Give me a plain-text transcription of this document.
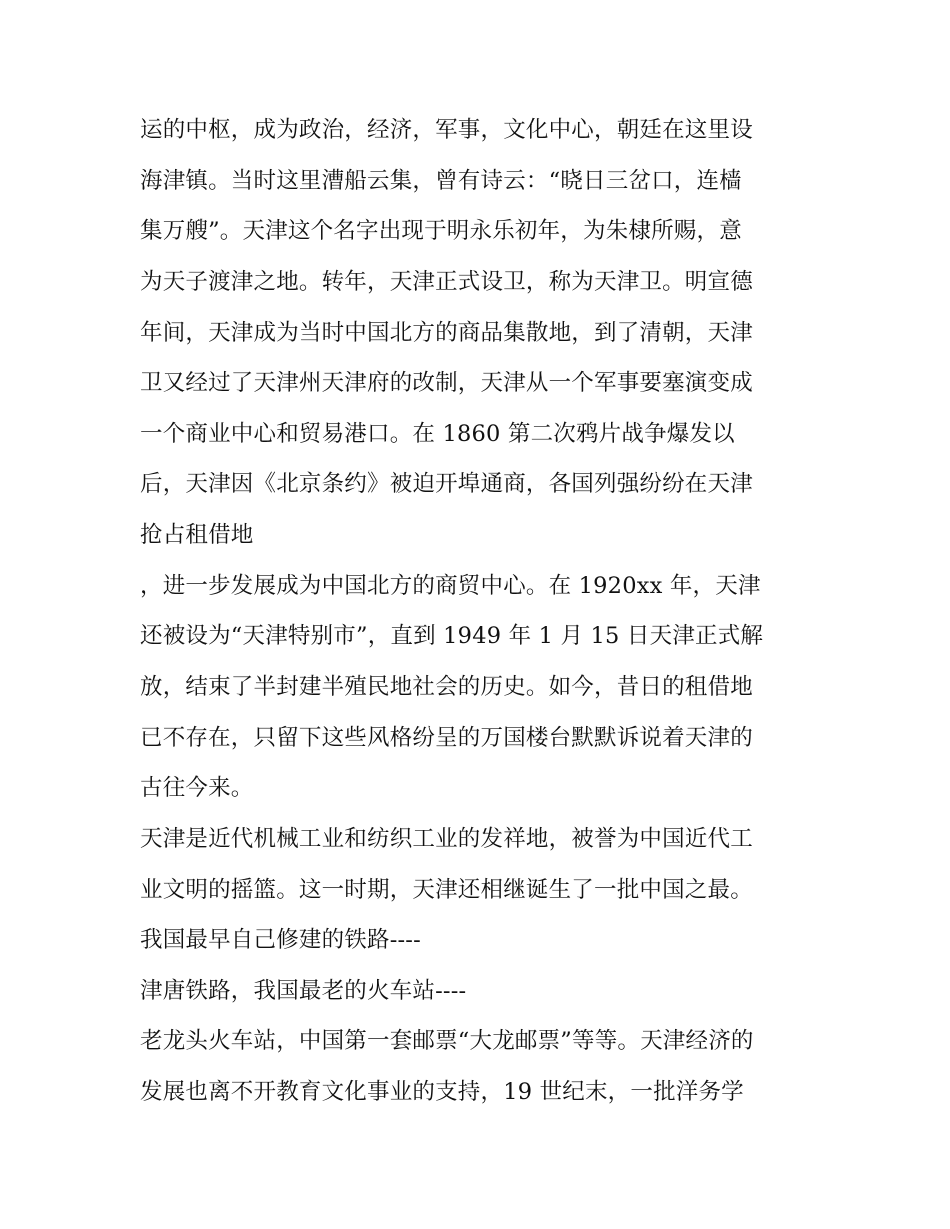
运的中枢，成为政治，经济，军事，文化中心，朝廷在这里设
海津镇。当时这里漕船云集，曾有诗云：“晓日三岔口，连樯
集万艘”。天津这个名字出现于明永乐初年，为朱棣所赐，意
为天子渡津之地。转年，天津正式设卫，称为天津卫。明宣德
年间，天津成为当时中国北方的商品集散地，到了清朝，天津
卫又经过了天津州天津府的改制，天津从一个军事要塞演变成
一个商业中心和贸易港口。在 1860 第二次鸦片战争爆发以
后，天津因《北京条约》被迫开埠通商，各国列强纷纷在天津
抢占租借地
，进一步发展成为中国北方的商贸中心。在 1920xx 年，天津
还被设为“天津特别市”，直到 1949 年 1 月 15 日天津正式解
放，结束了半封建半殖民地社会的历史。如今，昔日的租借地
已不存在，只留下这些风格纷呈的万国楼台默默诉说着天津的
古往今来。
天津是近代机械工业和纺织工业的发祥地，被誉为中国近代工
业文明的摇篮。这一时期，天津还相继诞生了一批中国之最。
我国最早自己修建的铁路----
津唐铁路，我国最老的火车站----
老龙头火车站，中国第一套邮票“大龙邮票”等等。天津经济的
发展也离不开教育文化事业的支持，19 世纪末，一批洋务学
